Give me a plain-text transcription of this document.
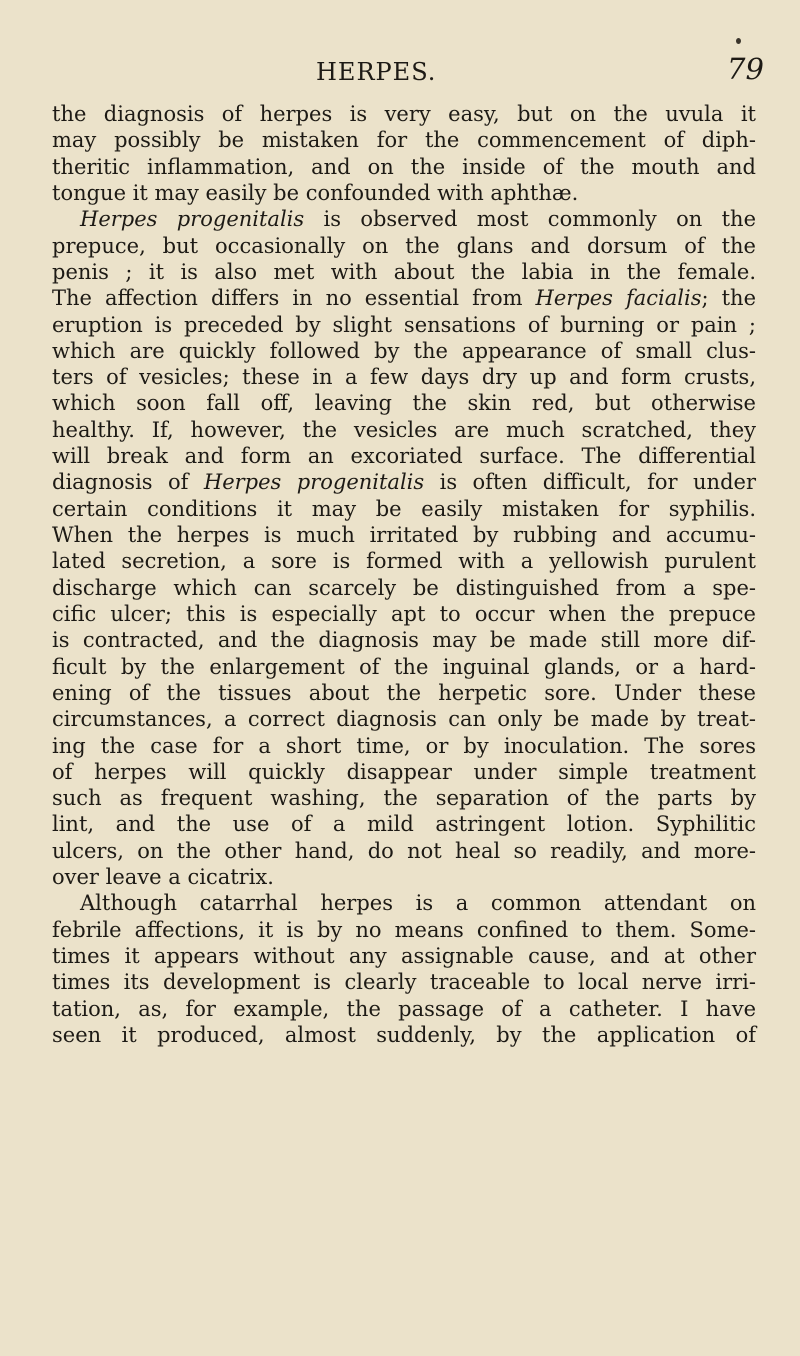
HERPES.	79
the diagnosis of herpes is very easy, but on the uvula it
may possibly be mistaken for the commencement of diph-
theritic inflammation, and on the inside of the mouth and
tongue it may easily be confounded with aphthæ.
Herpes progenitalis is observed most commonly on the
prepuce, but occasionally on the glans and dorsum of the
penis ; it is also met with about the labia in the female.
The affection differs in no essential from Herpes facialis; the
eruption is preceded by slight sensations of burning or pain ;
which are quickly followed by the appearance of small clus-
ters of vesicles; these in a few days dry up and form crusts,
which soon fall off, leaving the skin red, but otherwise
healthy. If, however, the vesicles are much scratched, they
will break and form an excoriated surface. The differential
diagnosis of Herpes progenitalis is often difficult, for under
certain conditions it may be easily mistaken for syphilis.
When the herpes is much irritated by rubbing and accumu-
lated secretion, a sore is formed with a yellowish purulent
discharge which can scarcely be distinguished from a spe-
cific ulcer; this is especially apt to occur when the prepuce
is contracted, and the diagnosis may be made still more dif-
ficult by the enlargement of the inguinal glands, or a hard-
ening of the tissues about the herpetic sore. Under these
circumstances, a correct diagnosis can only be made by treat-
ing the case for a short time, or by inoculation. The sores
of herpes will quickly disappear under simple treatment
such as frequent washing, the separation of the parts by
lint, and the use of a mild astringent lotion. Syphilitic
ulcers, on the other hand, do not heal so readily, and more-
over leave a cicatrix.
Although catarrhal herpes is a common attendant on
febrile affections, it is by no means confined to them. Some-
times it appears without any assignable cause, and at other
times its development is clearly traceable to local nerve irri-
tation, as, for example, the passage of a catheter. I have
seen it produced, almost suddenly, by the application of
